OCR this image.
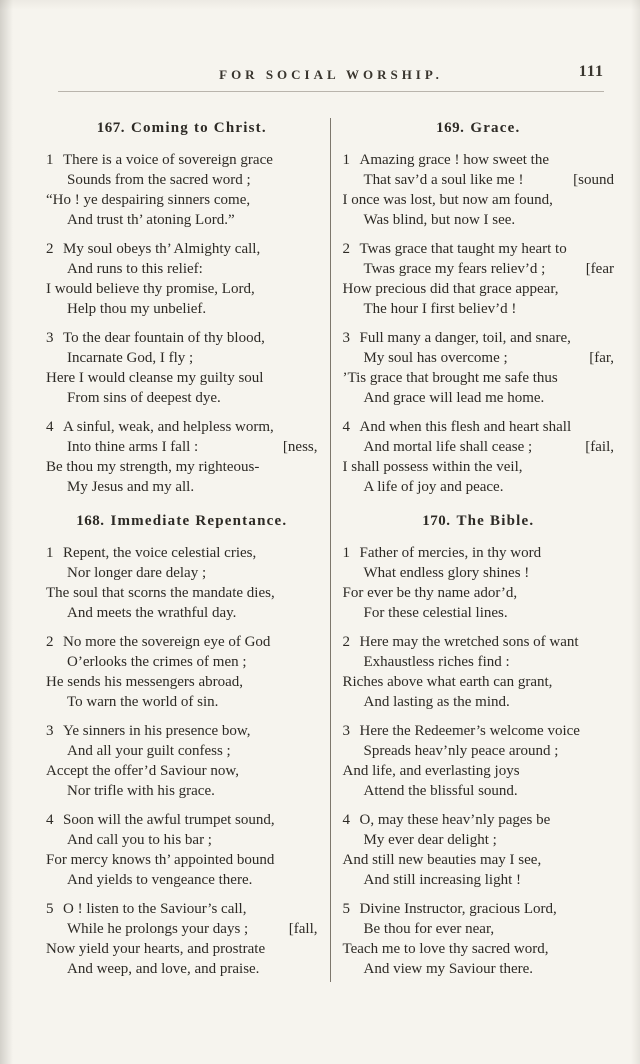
FOR SOCIAL WORSHIP.	111
167. Coming to Christ.
1 There is a voice of sovereign grace
Sounds from the sacred word ;
“Ho ! ye despairing sinners come,
And trust th’ atoning Lord.”
2 My soul obeys th’ Almighty call,
And runs to this relief:
I would believe thy promise, Lord,
Help thou my unbelief.
3 To the dear fountain of thy blood,
Incarnate God, I fly ;
Here I would cleanse my guilty soul
From sins of deepest dye.
4 A sinful, weak, and helpless worm,
[ness,
Into thine arms I fall :
Be thou my strength, my righteous-
My Jesus and my all.
168. Immediate Repentance.
1 Repent, the voice celestial cries,
Nor longer dare delay ;
The soul that scorns the mandate dies,
And meets the wrathful day.
2 No more the sovereign eye of God
O’erlooks the crimes of men ;
He sends his messengers abroad,
To warn the world of sin.
3 Ye sinners in his presence bow,
And all your guilt confess ;
Accept the offer’d Saviour now,
Nor trifle with his grace.
4 Soon will the awful trumpet sound,
And call you to his bar ;
For mercy knows th’ appointed bound
And yields to vengeance there.
5 O ! listen to the Saviour’s call,
[fall,
While he prolongs your days ;
Now yield your hearts, and prostrate
And weep, and love, and praise.
169. Grace.
1 Amazing grace ! how sweet the
[sound
That sav’d a soul like me !
I once was lost, but now am found,
Was blind, but now I see.
2 Twas grace that taught my heart to
[fear
Twas grace my fears reliev’d ;
How precious did that grace appear,
The hour I first believ’d !
3 Full many a danger, toil, and snare,
[far,
My soul has overcome ;
’Tis grace that brought me safe thus
And grace will lead me home.
4 And when this flesh and heart shall
[fail,
And mortal life shall cease ;
I shall possess within the veil,
A life of joy and peace.
170. The Bible.
1 Father of mercies, in thy word
What endless glory shines !
For ever be thy name ador’d,
For these celestial lines.
2 Here may the wretched sons of want
Exhaustless riches find :
Riches above what earth can grant,
And lasting as the mind.
3 Here the Redeemer’s welcome voice
Spreads heav’nly peace around ;
And life, and everlasting joys
Attend the blissful sound.
4 O, may these heav’nly pages be
My ever dear delight ;
And still new beauties may I see,
And still increasing light !
5 Divine Instructor, gracious Lord,
Be thou for ever near,
Teach me to love thy sacred word,
And view my Saviour there.
